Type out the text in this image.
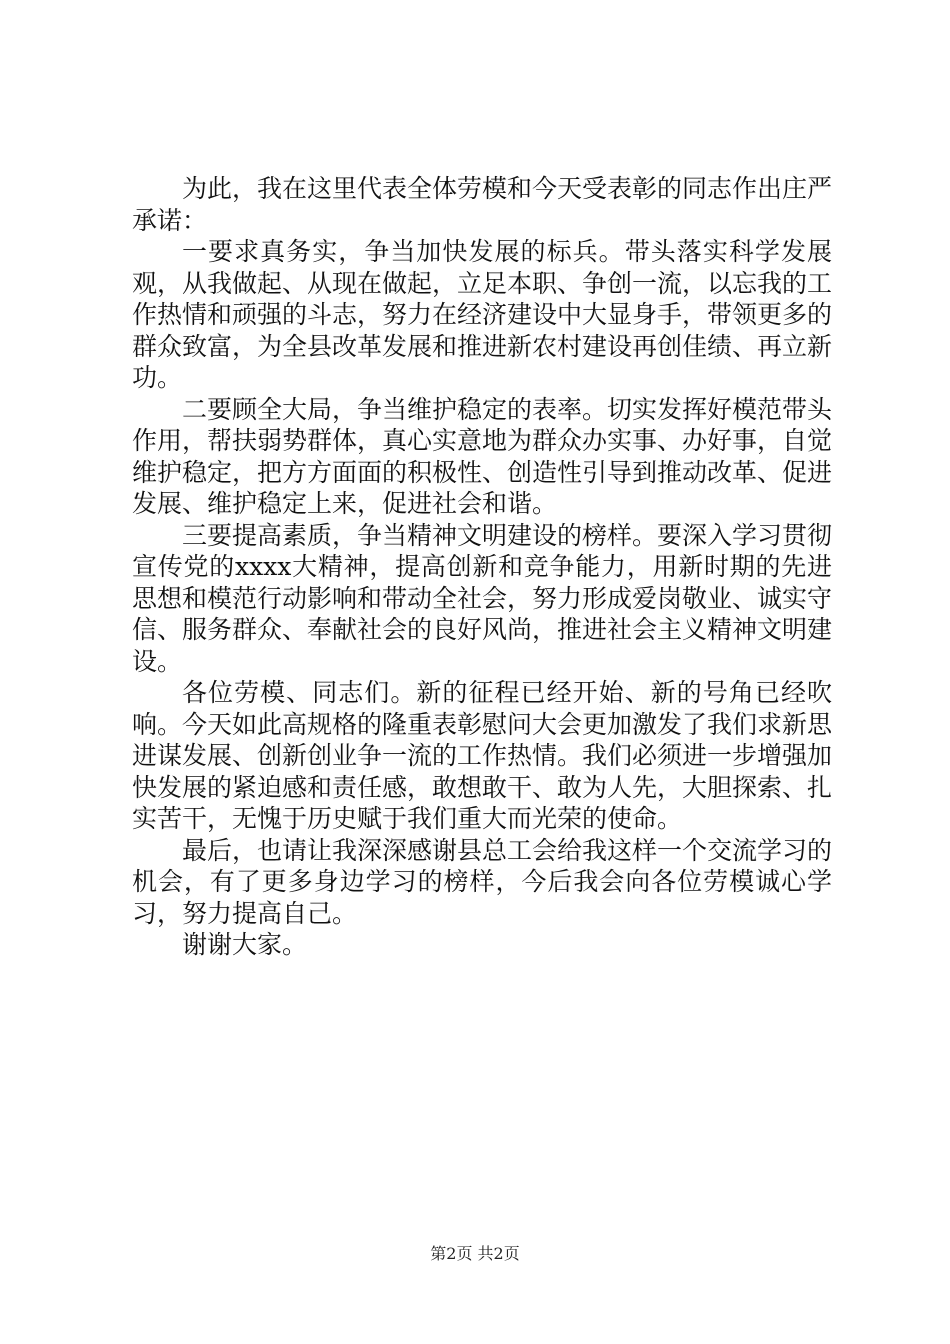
为此，我在这里代表全体劳模和今天受表彰的同志作出庄严承诺：

一要求真务实，争当加快发展的标兵。带头落实科学发展观，从我做起、从现在做起，立足本职、争创一流，以忘我的工作热情和顽强的斗志，努力在经济建设中大显身手，带领更多的群众致富，为全县改革发展和推进新农村建设再创佳绩、再立新功。

二要顾全大局，争当维护稳定的表率。切实发挥好模范带头作用，帮扶弱势群体，真心实意地为群众办实事、办好事，自觉维护稳定，把方方面面的积极性、创造性引导到推动改革、促进发展、维护稳定上来，促进社会和谐。

三要提高素质，争当精神文明建设的榜样。要深入学习贯彻宣传党的xxxx大精神，提高创新和竞争能力，用新时期的先进思想和模范行动影响和带动全社会，努力形成爱岗敬业、诚实守信、服务群众、奉献社会的良好风尚，推进社会主义精神文明建设。

各位劳模、同志们。新的征程已经开始、新的号角已经吹响。今天如此高规格的隆重表彰慰问大会更加激发了我们求新思进谋发展、创新创业争一流的工作热情。我们必须进一步增强加快发展的紧迫感和责任感，敢想敢干、敢为人先，大胆探索、扎实苦干，无愧于历史赋于我们重大而光荣的使命。

最后，也请让我深深感谢县总工会给我这样一个交流学习的机会，有了更多身边学习的榜样，今后我会向各位劳模诚心学习，努力提高自己。

谢谢大家。

第2页 共2页
